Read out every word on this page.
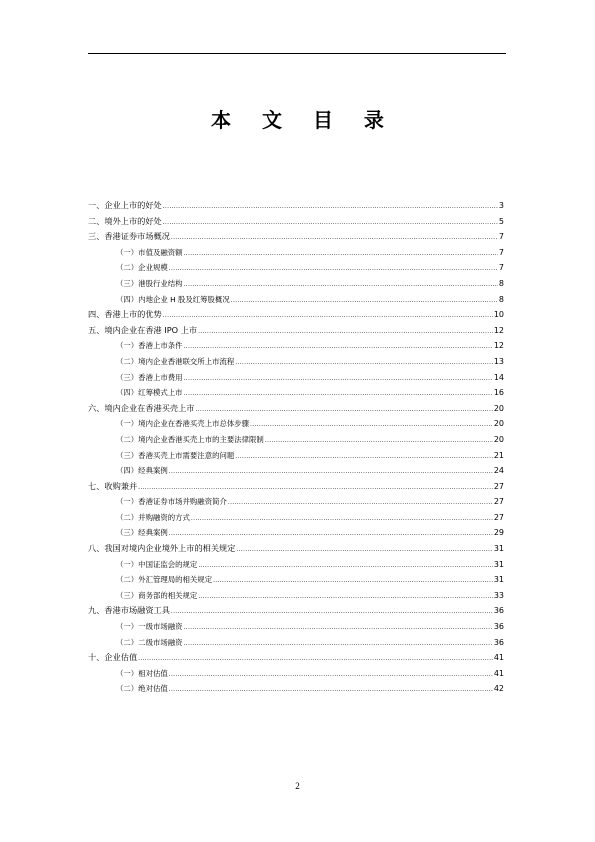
本 文 目 录
一、企业上市的好处 .....	3
二、境外上市的好处 .....	5
三、香港证券市场概况 .....	7
（一）市值及融资额 .....	7
（二）企业规模 .....	7
（三）港股行业结构 .....	8
（四）内地企业 H 股及红筹股概况 .....	8
四、香港上市的优势 .....	10
五、境内企业在香港 IPO 上市 .....	12
（一）香港上市条件 .....	12
（二）境内企业香港联交所上市流程 .....	13
（三）香港上市费用 .....	14
（四）红筹模式上市 .....	16
六、境内企业在香港买壳上市 .....	20
（一）境内企业在香港买壳上市总体步骤 .....	20
（二）境内企业香港买壳上市的主要法律限制 .....	20
（三）香港买壳上市需要注意的问题 .....	21
（四）经典案例 .....	24
七、收购兼并 .....	27
（一）香港证券市场并购融资简介 .....	27
（二）并购融资的方式 .....	27
（三）经典案例 .....	29
八、我国对境内企业境外上市的相关规定 .....	31
（一）中国证监会的规定 .....	31
（二）外汇管理局的相关规定 .....	31
（三）商务部的相关规定 .....	33
九、香港市场融资工具 .....	36
（一）一级市场融资 .....	36
（二）二级市场融资 .....	36
十、企业估值 .....	41
（一）相对估值 .....	41
（二）绝对估值 .....	42
2
